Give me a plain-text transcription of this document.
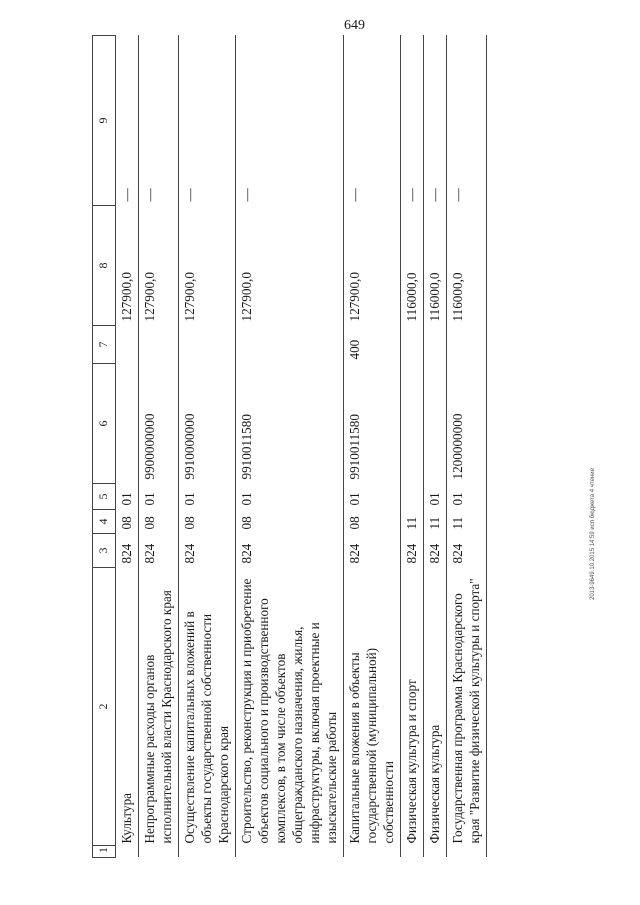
649
2013-9649.10.2015 14:59 исп бюджета 4 чтение
1	2	3	4	5	6	7	8	9
	Культура	824	08	01			127900,0	—
	Непрограммные расходы органов исполнительной власти Краснодарского края	824	08	01	9900000000		127900,0	—
	Осуществление капитальных вложений в объекты государственной собственности Краснодарского края	824	08	01	9910000000		127900,0	—
	Строительство, реконструкция и приобретение объектов социального и производственного комплексов, в том числе объектов общегражданского назначения, жилья, инфраструктуры, включая проектные и изыскательские работы	824	08	01	9910011580		127900,0	—
	Капитальные вложения в объекты государственной (муниципальной) собственности	824	08	01	9910011580	400	127900,0	—
	Физическая культура и спорт	824	11				116000,0	—
	Физическая культура	824	11	01			116000,0	—
	Государственная программа Краснодарского края "Развитие физической культуры и спорта"	824	11	01	1200000000		116000,0	—
